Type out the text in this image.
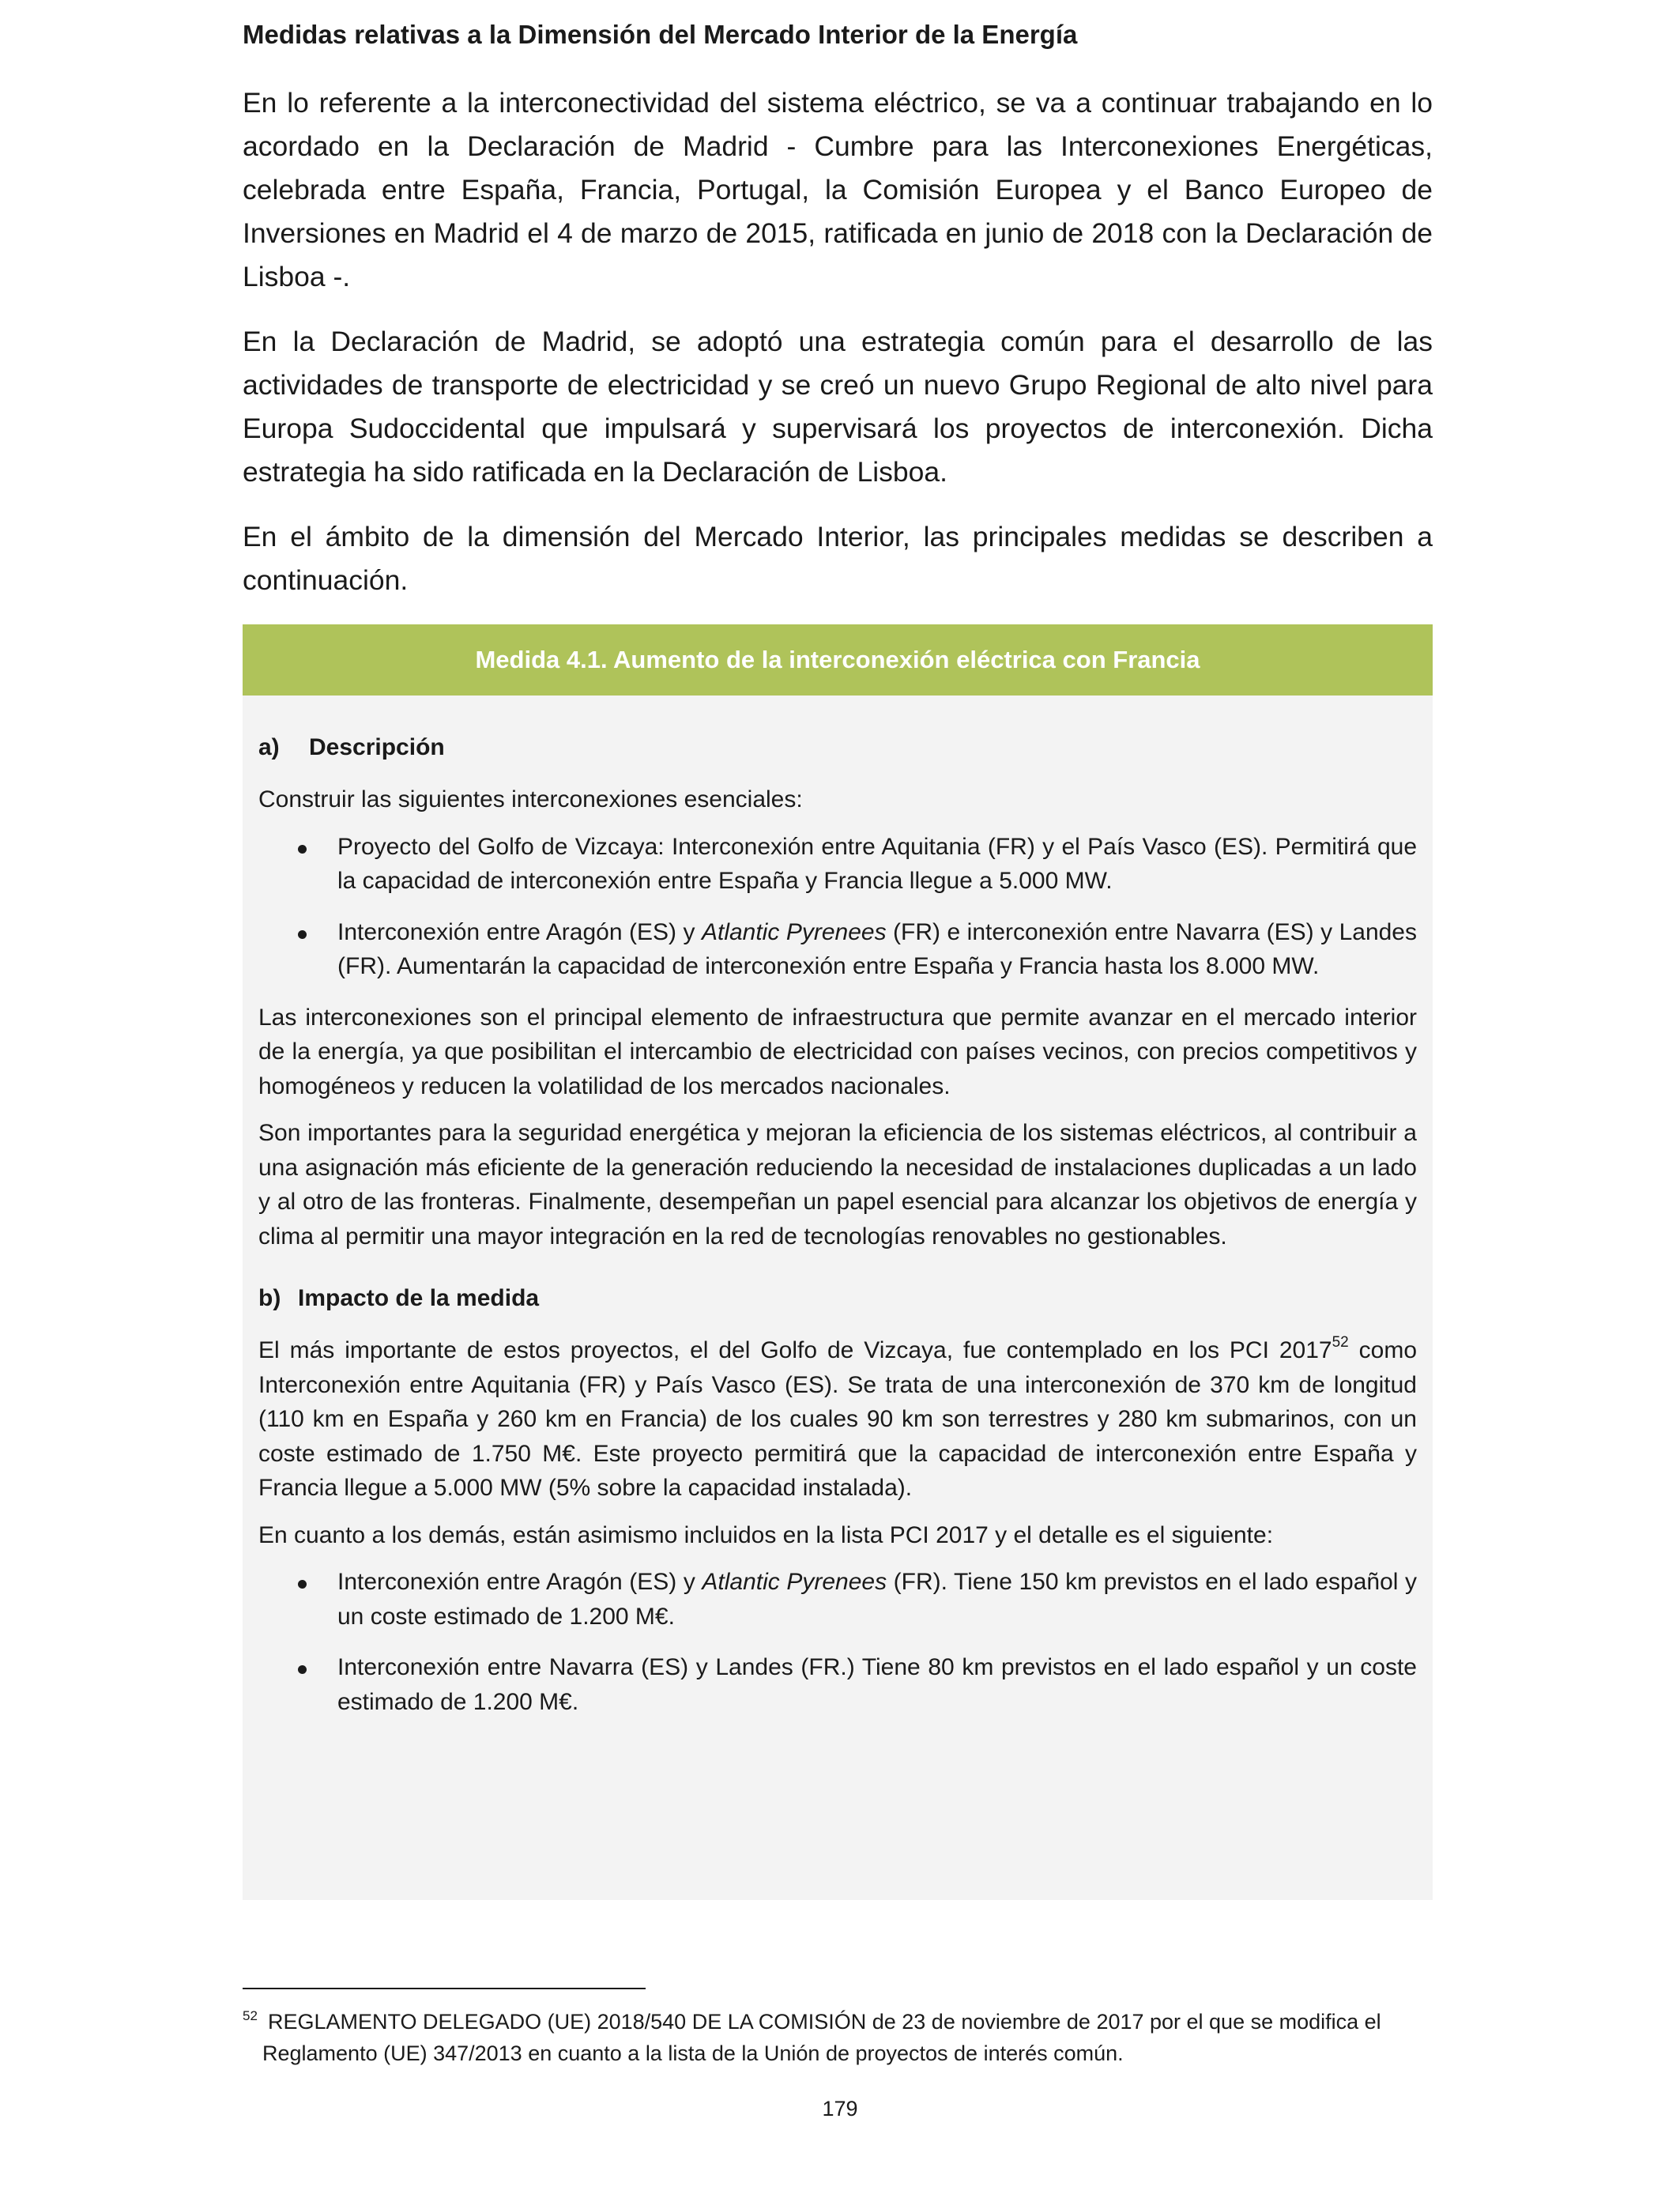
Medidas relativas a la Dimensión del Mercado Interior de la Energía

En lo referente a la interconectividad del sistema eléctrico, se va a continuar trabajando en lo acordado en la Declaración de Madrid - Cumbre para las Interconexiones Energéticas, celebrada entre España, Francia, Portugal, la Comisión Europea y el Banco Europeo de Inversiones en Madrid el 4 de marzo de 2015, ratificada en junio de 2018 con la Declaración de Lisboa -.

En la Declaración de Madrid, se adoptó una estrategia común para el desarrollo de las actividades de transporte de electricidad y se creó un nuevo Grupo Regional de alto nivel para Europa Sudoccidental que impulsará y supervisará los proyectos de interconexión. Dicha estrategia ha sido ratificada en la Declaración de Lisboa.

En el ámbito de la dimensión del Mercado Interior, las principales medidas se describen a continuación.

Medida 4.1. Aumento de la interconexión eléctrica con Francia
a) Descripción

Construir las siguientes interconexiones esenciales:

Proyecto del Golfo de Vizcaya: Interconexión entre Aquitania (FR) y el País Vasco (ES). Permitirá que la capacidad de interconexión entre España y Francia llegue a 5.000 MW.
Interconexión entre Aragón (ES) y Atlantic Pyrenees (FR) e interconexión entre Navarra (ES) y Landes (FR). Aumentarán la capacidad de interconexión entre España y Francia hasta los 8.000 MW.

Las interconexiones son el principal elemento de infraestructura que permite avanzar en el mercado interior de la energía, ya que posibilitan el intercambio de electricidad con países vecinos, con precios competitivos y homogéneos y reducen la volatilidad de los mercados nacionales.

Son importantes para la seguridad energética y mejoran la eficiencia de los sistemas eléctricos, al contribuir a una asignación más eficiente de la generación reduciendo la necesidad de instalaciones duplicadas a un lado y al otro de las fronteras. Finalmente, desempeñan un papel esencial para alcanzar los objetivos de energía y clima al permitir una mayor integración en la red de tecnologías renovables no gestionables.

b) Impacto de la medida

El más importante de estos proyectos, el del Golfo de Vizcaya, fue contemplado en los PCI 2017$^{52}$ como Interconexión entre Aquitania (FR) y País Vasco (ES). Se trata de una interconexión de 370 km de longitud (110 km en España y 260 km en Francia) de los cuales 90 km son terrestres y 280 km submarinos, con un coste estimado de 1.750 M€. Este proyecto permitirá que la capacidad de interconexión entre España y Francia llegue a 5.000 MW (5% sobre la capacidad instalada).

En cuanto a los demás, están asimismo incluidos en la lista PCI 2017 y el detalle es el siguiente:

Interconexión entre Aragón (ES) y Atlantic Pyrenees (FR). Tiene 150 km previstos en el lado español y un coste estimado de 1.200 M€.
Interconexión entre Navarra (ES) y Landes (FR.) Tiene 80 km previstos en el lado español y un coste estimado de 1.200 M€.

52 REGLAMENTO DELEGADO (UE) 2018/540 DE LA COMISIÓN de 23 de noviembre de 2017 por el que se modifica el
Reglamento (UE) 347/2013 en cuanto a la lista de la Unión de proyectos de interés común.

179
